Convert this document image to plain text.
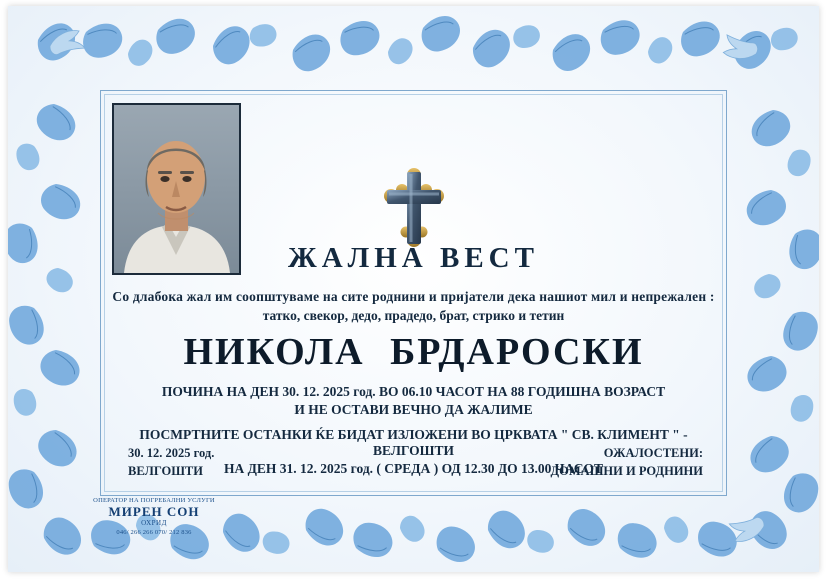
ЖАЛНА ВЕСТ
Со длабока жал им соопштуваме на сите роднини и пријатели дека нашиот мил и непрежален :
татко, свекор, дедо, прадедо, брат, стрико и тетин
НИКОЛА БРДАРОСКИ
ПОЧИНА НА ДЕН 30. 12. 2025 год. ВО 06.10 ЧАСОТ НА 88 ГОДИШНА ВОЗРАСТ
И НЕ ОСТАВИ ВЕЧНО ДА ЖАЛИМЕ
ПОСМРТНИТЕ ОСТАНКИ ЌЕ БИДАТ ИЗЛОЖЕНИ ВО ЦРКВАТА " СВ. КЛИМЕНТ " - ВЕЛГОШТИ
НА ДЕН 31. 12. 2025 год. ( СРЕДА ) ОД 12.30 ДО 13.00 ЧАСОТ
30. 12. 2025 год.
ВЕЛГОШТИ
ОЖАЛОСТЕНИ:
ДОМАШНИ И РОДНИНИ
ОПЕРАТОР НА ПОГРЕБАЛНИ УСЛУГИ
МИРЕН СОН
ОХРИД
046/ 266 266 070/ 212 836
